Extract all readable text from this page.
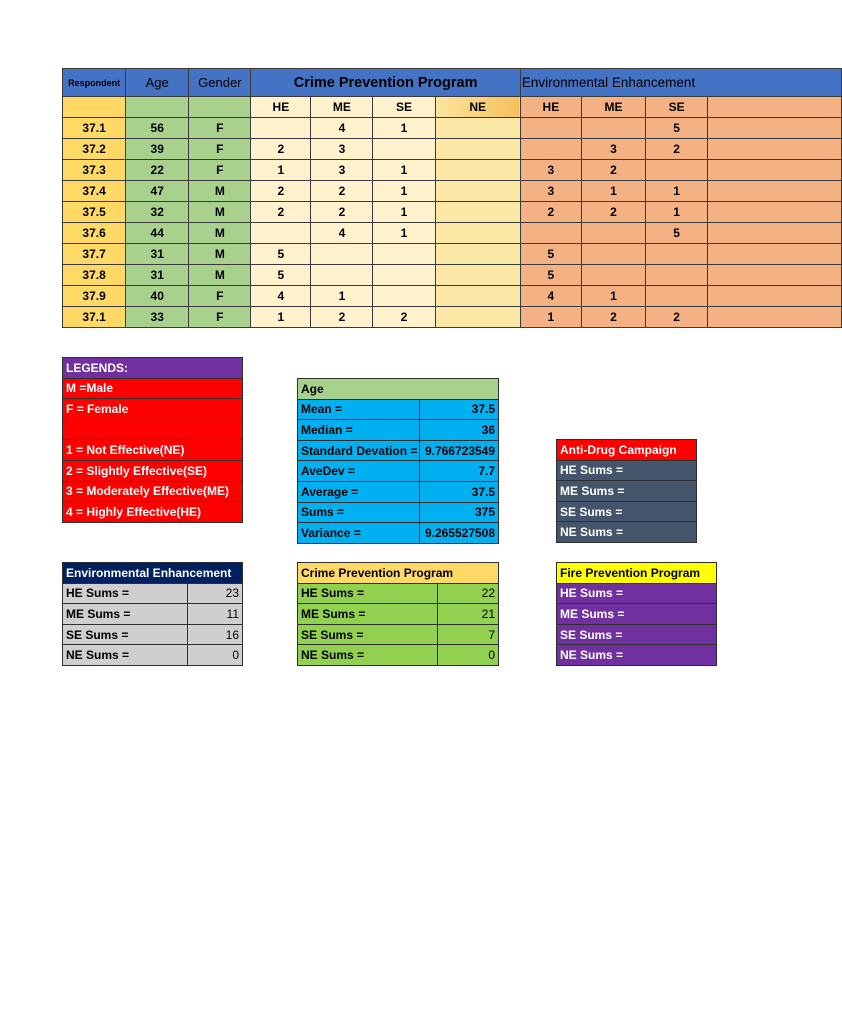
Respondent	Age	Gender	Crime Prevention Program				Environmental Enhancement			
			HE	ME	SE	NE	HE	ME	SE	
37.1	56	F		4	1				5	
37.2	39	F	2	3				3	2	
37.3	22	F	1	3	1		3	2		
37.4	47	M	2	2	1		3	1	1	
37.5	32	M	2	2	1		2	2	1	
37.6	44	M		4	1				5	
37.7	31	M	5				5			
37.8	31	M	5				5			
37.9	40	F	4	1			4	1		
37.1	33	F	1	2	2		1	2	2	
LEGENDS:
M =Male
F = Female

1 = Not Effective(NE)
2 = Slightly Effective(SE)
3 = Moderately Effective(ME)
4 = Highly Effective(HE)
Age	
Mean =	37.5
Median =	36
Standard Devation =	9.766723549
AveDev =	7.7
Average =	37.5
Sums =	375
Variance =	9.265527508
Anti-Drug Campaign
HE Sums =
ME Sums =
SE Sums =
NE Sums =
Environmental Enhancement	
HE Sums =	23
ME Sums =	11
SE Sums =	16
NE Sums =	0
Crime Prevention Program	
HE Sums =	22
ME Sums =	21
SE Sums =	7
NE Sums =	0
Fire Prevention Program
HE Sums =
ME Sums =
SE Sums =
NE Sums =
